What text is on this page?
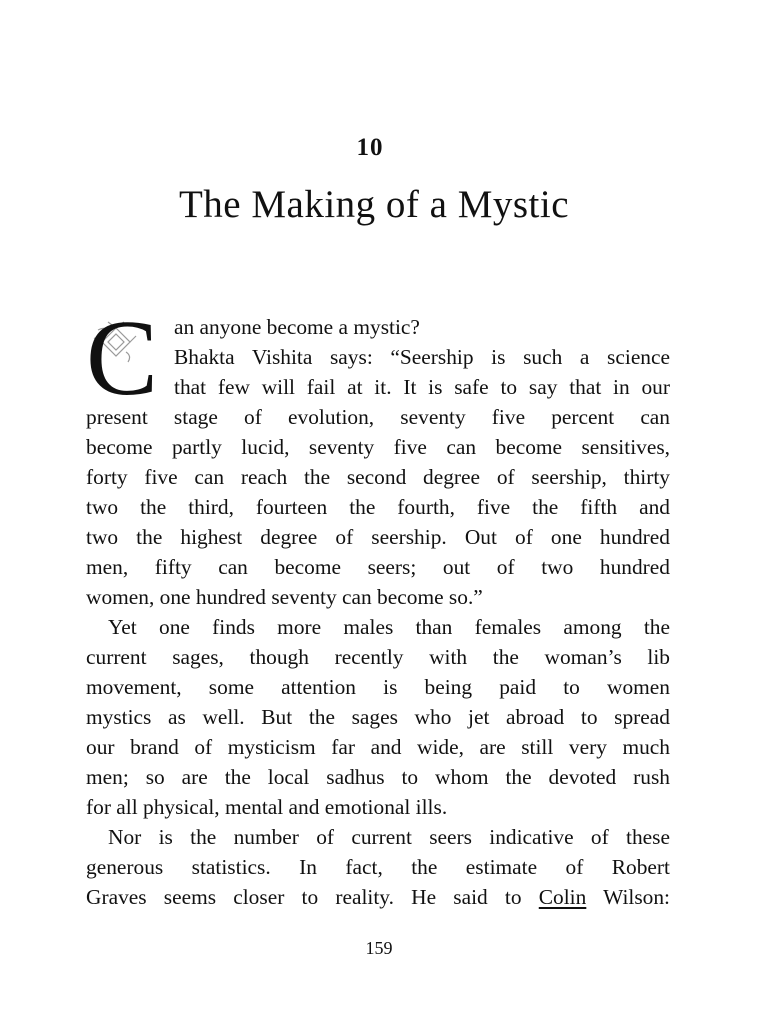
10
The Making of a Mystic
C an anyone become a mystic?
Bhakta Vishita says: “Seership is such a science
that few will fail at it. It is safe to say that in our
present stage of evolution, seventy five percent can
become partly lucid, seventy five can become sensitives,
forty five can reach the second degree of seership, thirty
two the third, fourteen the fourth, five the fifth and
two the highest degree of seership. Out of one hundred
men, fifty can become seers; out of two hundred
women, one hundred seventy can become so.”
Yet one finds more males than females among the
current sages, though recently with the woman’s lib
movement, some attention is being paid to women
mystics as well. But the sages who jet abroad to spread
our brand of mysticism far and wide, are still very much
men; so are the local sadhus to whom the devoted rush
for all physical, mental and emotional ills.
Nor is the number of current seers indicative of these
generous statistics. In fact, the estimate of Robert
Graves seems closer to reality. He said to Colin Wilson:
159
